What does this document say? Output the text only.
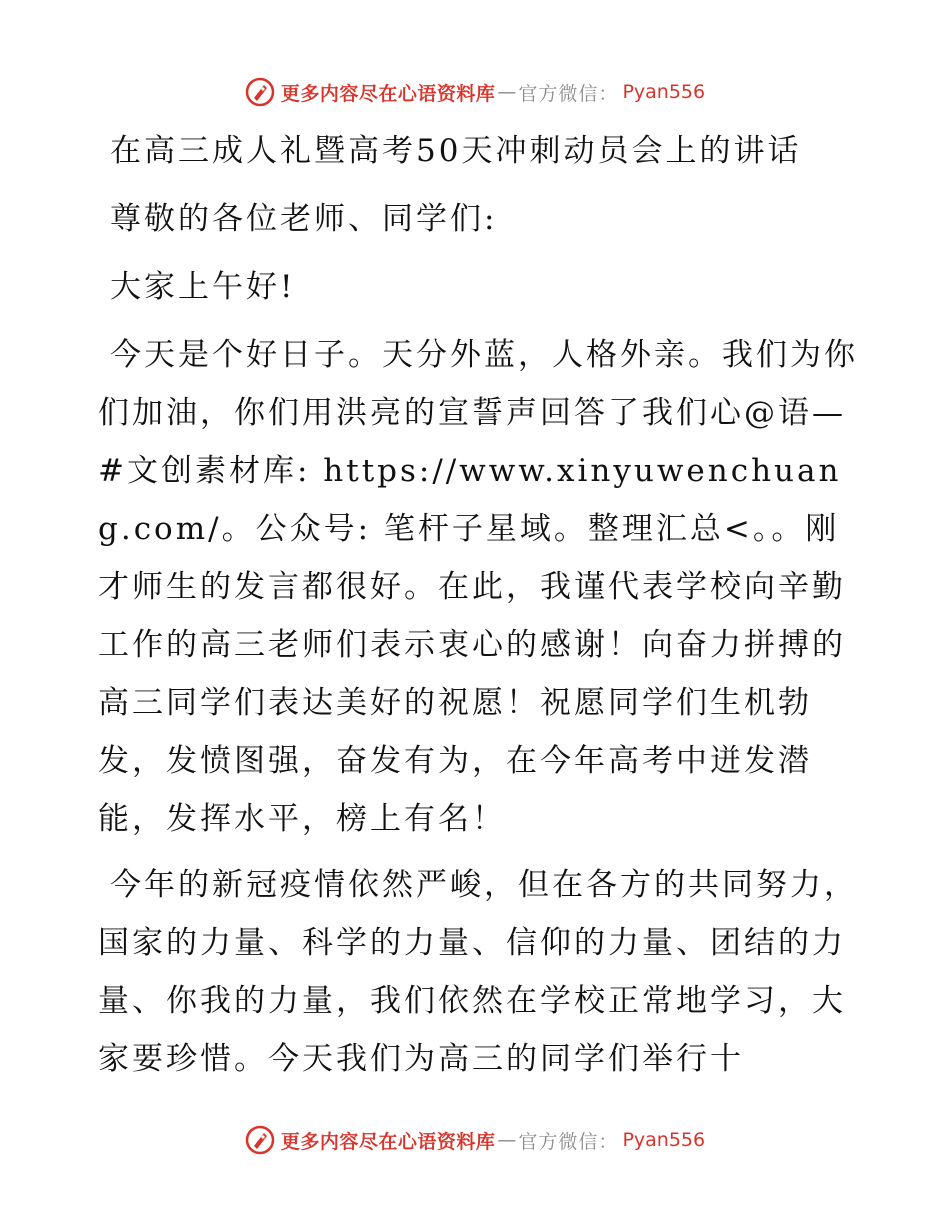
更多内容尽在心语资料库 — 官方微信： Pyan556

在高三成人礼暨高考50天冲刺动员会上的讲话

尊敬的各位老师、同学们:

大家上午好!

今天是个好日子。天分外蓝，人格外亲。我们为你们加油，你们用洪亮的宣誓声回答了我们心@语—#文创素材库: https://www.xinyuwenchuang.com/。公众号: 笔杆子星域。整理汇总<。。刚才师生的发言都很好。在此，我谨代表学校向辛勤工作的高三老师们表示衷心的感谢！向奋力拼搏的高三同学们表达美好的祝愿！祝愿同学们生机勃发，发愤图强，奋发有为，在今年高考中迸发潜能，发挥水平，榜上有名！

今年的新冠疫情依然严峻，但在各方的共同努力，国家的力量、科学的力量、信仰的力量、团结的力量、你我的力量，我们依然在学校正常地学习，大家要珍惜。今天我们为高三的同学们举行十

更多内容尽在心语资料库 — 官方微信： Pyan556
